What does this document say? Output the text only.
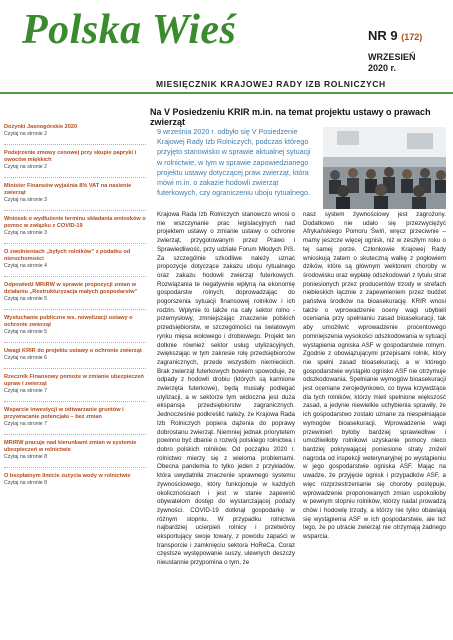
Polska Wieś	NR 9 (172)
WRZESIEŃ
2020 r.
MIESIĘCZNIK KRAJOWEJ RADY IZB ROLNICZYCH
Na V Posiedzeniu KRIR m.in. na temat projektu ustawy o prawach zwierząt
Dożynki Jasnogórskie 2020
Czytaj na stronie 2
Podejrzenie zmowy cenowej przy skupie papryki i owoców miękkich
Czytaj na stronie 2
Minister Finansów wyjaśnia 8% VAT na nasienie zwierząt
Czytaj na stronie 3
Wniosek o wydłużenie terminu składania wniosków o pomoc w związku z COVID-19
Czytaj na stronie 3
O zwolnieniach „byłych rolników” z podatku od nieruchomości
Czytaj na stronie 4
Odpowiedź MRiRW w sprawie propozycji zmian w działaniu „Restrukturyzacja małych gospodarstw”
Czytaj na stronie 5
Wysłuchanie publiczne ws. nowelizacji ustawy o ochronie zwierząt
Czytaj na stronie 5
Uwagi KRIR do projektu ustawy o ochronie zwierząt
Czytaj na stronie 6
Rzecznik Finansowy pomoże w zmianie ubezpieczeń upraw i zwierząt
Czytaj na stronie 7
Wsparcie inwestycji w odtwarzanie gruntów i przywracanie potencjału – bez zmian
Czytaj na stronie 7
MRiRW pracuje nad kierunkami zmian w systemie ubezpieczeń w rolnictwie
Czytaj na stronie 8
O bezpłatnym limicie zużycia wody w rolnictwie
Czytaj na stronie 8
9 września 2020 r. odbyło się V Posiedzenie Krajowej Rady Izb Rolniczych, podczas którego przyjęto stanowisko w sprawie aktualnej sytuacji w rolnictwie, w tym w sprawie zapowiedzianego projektu ustawy dotyczącej praw zwierząt, która mówi m.in. o zakazie hodowli zwierząt futerkowych, czy ograniczeniu uboju rytualnego.
Krajowa Rada Izb Rolniczych stanowczo wnosi o nie wszczynanie prac legislacyjnych nad projektem ustawy o zmianie ustawy o ochronie zwierząt, przygotowanym przez Prawo i Sprawiedliwość, przy udziale Forum Młodych PiS. Za szczególnie szkodliwe należy uznać propozycje dotyczące zakazu uboju rytualnego oraz zakazu hodowli zwierząt futerkowych. Rozwiązania te negatywnie wpłyną na ekonomię gospodarstw rolnych, doprowadzając do pogorszenia sytuacji finansowej rolników i ich rodzin. Wpłynie to także na cały sektor rolno - przemysłowy, zmniejszając znaczenie polskich przedsiębiorstw, w szczególności na światowym rynku mięsa wołowego i drobiowego. Projekt ten dotknie również sektor usług utylizacyjnych, zwiększając w tym zakresie rolę przedsiębiorców zagranicznych, przede wszystkim niemieckich. Brak zwierząt futerkowych bowiem spowoduje, że odpady z hodowli drobiu (których są karmione zwierzęta futerkowe), będą musiały podlegać utylizacji, a w sektorze tym widoczna jest duża ekspansja przedsiębiorstw zagranicznych. Jednocześnie podkreślić należy, że Krajowa Rada Izb Rolniczych popiera dążenia do poprawy dobrostanu zwierząt. Niemniej jednak priorytetem powinno być dbanie o rozwój polskiego rolnictwa i dobro polskich rolników. Od początku 2020 r. rolnictwo mierzy się z wieloma problemami. Obecna pandemia to tylko jeden z przykładów, która uwydatniła znaczenie sprawnego systemu żywnościowego, który funkcjonuje w każdych okolicznościach i jest w stanie zapewnić obywatelom dostęp do wystarczającej podaży żywności. COVID-19 dotknął gospodarkę w różnym stopniu. W przypadku rolnictwa najbardziej ucierpieli rolnicy i przetwórcy eksportujący swoje towary, z powodu zapaści w transporcie i zamknięciu sektora HoReCa. Coraz częstsze występowanie suszy, ulewnych deszczy nieustannie przypomina o tym, że
nasz system żywnościowy jest zagrożony. Dodatkowo nie udało się przezwyciężyć Afrykańskiego Pomoru Świń, wręcz przeciwnie – mamy jeszcze więcej ognisk, niż w zeszłym roku o tej samej porze. Członkowie Krajowej Rady wnioskują zatem o skuteczną walkę z pogłowiem dzików, które są głównym wektorem choroby w środowisku oraz wypłatę odszkodowań z tytułu strat poniesionych przez producentów trzody w strefach niebieskich łącznie z zapewnieniem przez budżet państwa środków na bioasekurację. KRIR wnosi także o wprowadzenie oceny wagi ubybieli oceniania przy spełnianiu zasad bioasekuracji, tak aby umożliwić wprowadzenie procentowego pomniejszenia wysokości odszkodowania w sytuacji wystąpienia ogniska ASF w gospodarstwie rolnym. Zgodnie z obowiązującymi przepisami rolnik, który nie spełni zasad bioasekuracji, a w którego gospodarstwie wystąpiło ognisko ASF nie otrzymuje odszkodowania. Spełnianie wymogów bioasekuracji jest oceniane zerojedynkowo, co bywa krzywdzące dla tych rolników, którzy mieli spełnione większość zasad, a jedynie niewielkie uchybienia sprawiły, że ich gospodarstwo zostało uznane za niespełniające wymogów bioasekuracji. Wprowadzenie wagi przewinień byłoby bardziej sprawiedliwe i umożliwiłoby rolnikowi uzyskanie pomocy nieco bardziej pokrywającej poniesione straty zniżeli nagroda od inspekcji weterynaryjnej po wystąpieniu w jego gospodarstwie ogniska ASF. Mając na uwadze, że przyjęcie ognisk i przypadków ASF, a więc rozprzestrzenianie się choroby postępuje, wprowadzenie proponowanych zmian uspokoiłoby w pewnym stopniu rolników, którzy nadal prowadzą chów i hodowlę trzody, a którzy nie tylko obawiają się wystąpienia ASF w ich gospodarstwie, ale też tego, że po utracie zwierząt nie otrzymają żadnego wsparcia.
